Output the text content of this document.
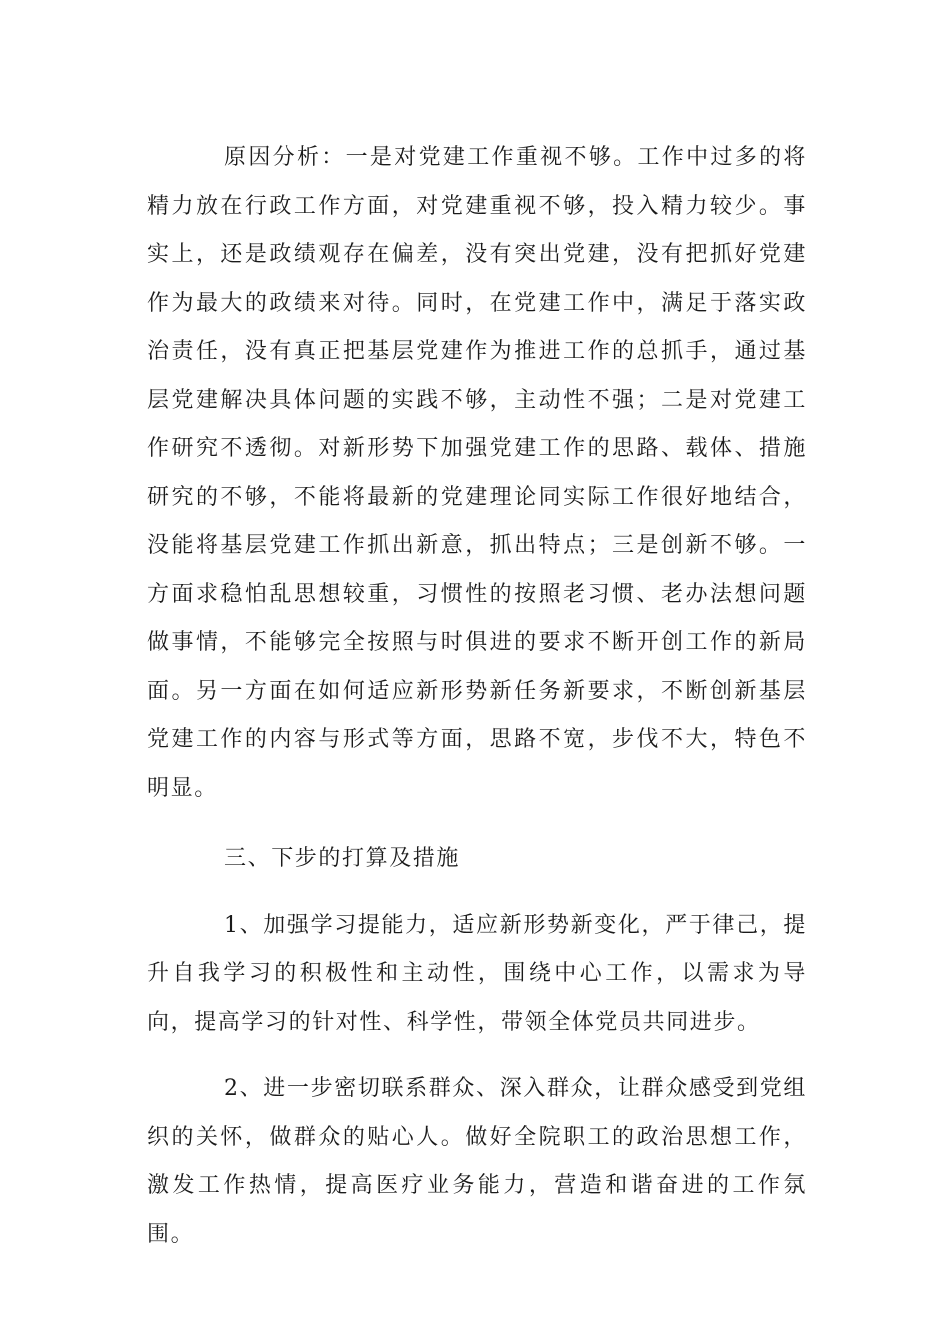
原因分析：一是对党建工作重视不够。工作中过多的将精力放在行政工作方面，对党建重视不够，投入精力较少。事实上，还是政绩观存在偏差，没有突出党建，没有把抓好党建作为最大的政绩来对待。同时，在党建工作中，满足于落实政治责任，没有真正把基层党建作为推进工作的总抓手，通过基层党建解决具体问题的实践不够，主动性不强；二是对党建工作研究不透彻。对新形势下加强党建工作的思路、载体、措施研究的不够，不能将最新的党建理论同实际工作很好地结合，没能将基层党建工作抓出新意，抓出特点；三是创新不够。一方面求稳怕乱思想较重，习惯性的按照老习惯、老办法想问题做事情，不能够完全按照与时俱进的要求不断开创工作的新局面。另一方面在如何适应新形势新任务新要求，不断创新基层党建工作的内容与形式等方面，思路不宽，步伐不大，特色不明显。

三、下步的打算及措施

1、加强学习提能力，适应新形势新变化，严于律己，提升自我学习的积极性和主动性，围绕中心工作，以需求为导向，提高学习的针对性、科学性，带领全体党员共同进步。

2、进一步密切联系群众、深入群众，让群众感受到党组织的关怀，做群众的贴心人。做好全院职工的政治思想工作，激发工作热情，提高医疗业务能力，营造和谐奋进的工作氛围。
